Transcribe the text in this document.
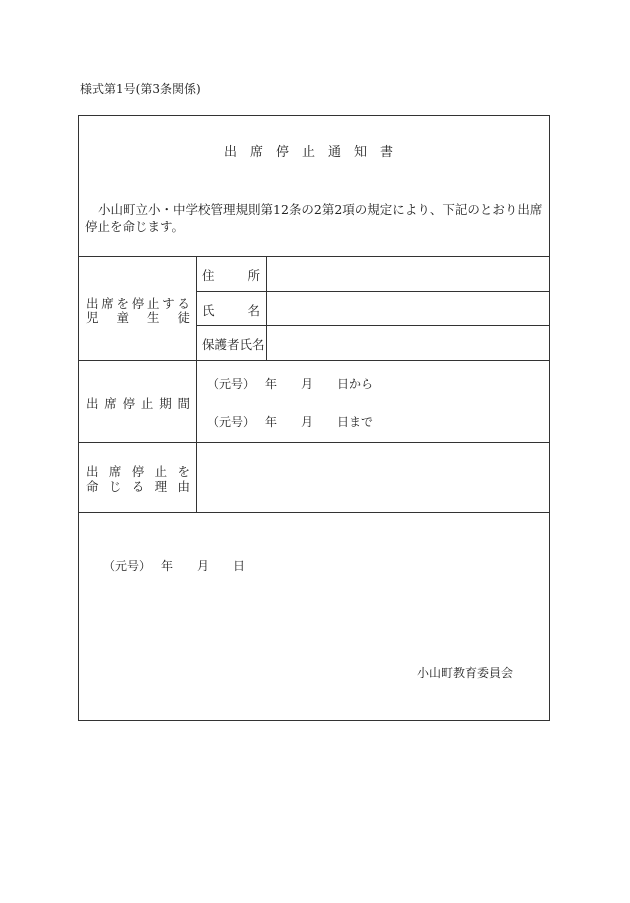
様式第1号(第3条関係)
出席停止通知書
小山町立小・中学校管理規則第12条の2第2項の規定により、下記のとおり出席停止を命じます。
出 席 を 停 止 す る
児 童 生 徒
住	所
氏	名
保護者氏名
出 席 停 止 期 間
（元号） 年 月 日から
（元号） 年 月 日まで
出 席 停 止 を
命 じ る 理 由
（元号） 年 月 日
小山町教育委員会
